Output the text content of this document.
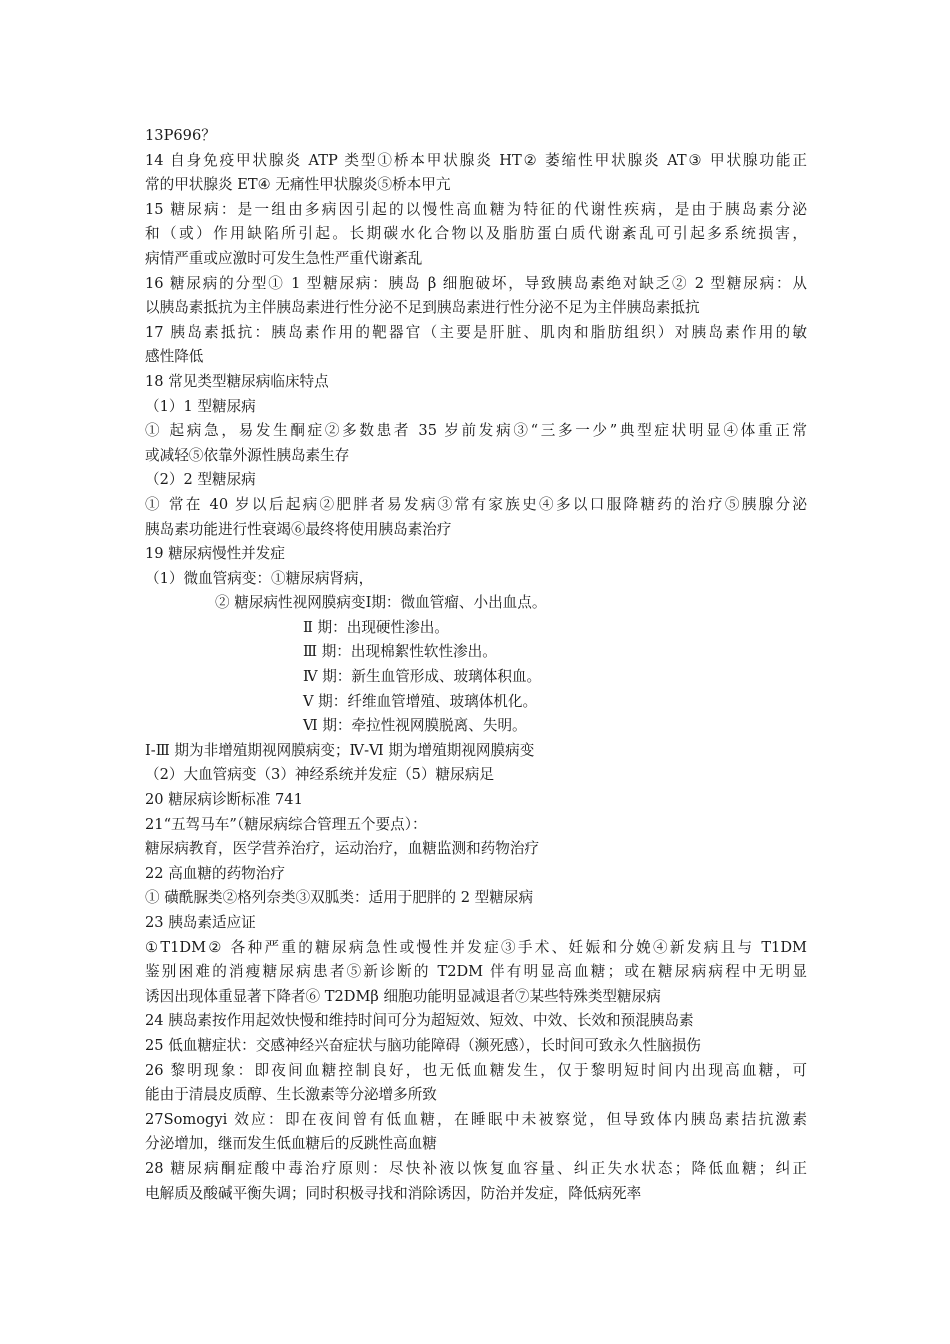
13P696？

14 自身免疫甲状腺炎 ATP 类型①桥本甲状腺炎 HT② 萎缩性甲状腺炎 AT③ 甲状腺功能正

常的甲状腺炎 ET④ 无痛性甲状腺炎⑤桥本甲亢

15 糖尿病：是一组由多病因引起的以慢性高血糖为特征的代谢性疾病，是由于胰岛素分泌

和（或）作用缺陷所引起。长期碳水化合物以及脂肪蛋白质代谢紊乱可引起多系统损害，

病情严重或应激时可发生急性严重代谢紊乱

16 糖尿病的分型① 1 型糖尿病：胰岛 β 细胞破坏，导致胰岛素绝对缺乏② 2 型糖尿病：从

以胰岛素抵抗为主伴胰岛素进行性分泌不足到胰岛素进行性分泌不足为主伴胰岛素抵抗

17 胰岛素抵抗：胰岛素作用的靶器官（主要是肝脏、肌肉和脂肪组织）对胰岛素作用的敏

感性降低

18 常见类型糖尿病临床特点

（1）1 型糖尿病

① 起病急，易发生酮症②多数患者 35 岁前发病③“三多一少”典型症状明显④体重正常

或减轻⑤依靠外源性胰岛素生存

（2）2 型糖尿病

① 常在 40 岁以后起病②肥胖者易发病③常有家族史④多以口服降糖药的治疗⑤胰腺分泌

胰岛素功能进行性衰竭⑥最终将使用胰岛素治疗

19 糖尿病慢性并发症

（1）微血管病变：①糖尿病肾病，

② 糖尿病性视网膜病变Ⅰ期：微血管瘤、小出血点。

Ⅱ 期：出现硬性渗出。

Ⅲ 期：出现棉絮性软性渗出。

Ⅳ 期：新生血管形成、玻璃体积血。

Ⅴ 期：纤维血管增殖、玻璃体机化。

Ⅵ 期：牵拉性视网膜脱离、失明。

Ⅰ-Ⅲ 期为非增殖期视网膜病变；Ⅳ-Ⅵ 期为增殖期视网膜病变

（2）大血管病变（3）神经系统并发症（5）糖尿病足

20 糖尿病诊断标准 741

21“五驾马车”（糖尿病综合管理五个要点）：

糖尿病教育，医学营养治疗，运动治疗，血糖监测和药物治疗

22 高血糖的药物治疗

① 磺酰脲类②格列奈类③双胍类：适用于肥胖的 2 型糖尿病

23 胰岛素适应证

①T1DM② 各种严重的糖尿病急性或慢性并发症③手术、妊娠和分娩④新发病且与 T1DM

鉴别困难的消瘦糖尿病患者⑤新诊断的 T2DM 伴有明显高血糖；或在糖尿病病程中无明显

诱因出现体重显著下降者⑥ T2DMβ 细胞功能明显减退者⑦某些特殊类型糖尿病

24 胰岛素按作用起效快慢和维持时间可分为超短效、短效、中效、长效和预混胰岛素

25 低血糖症状：交感神经兴奋症状与脑功能障碍（濒死感），长时间可致永久性脑损伤

26 黎明现象：即夜间血糖控制良好，也无低血糖发生，仅于黎明短时间内出现高血糖，可

能由于清晨皮质醇、生长激素等分泌增多所致

27Somogyi 效应：即在夜间曾有低血糖，在睡眠中未被察觉，但导致体内胰岛素拮抗激素

分泌增加，继而发生低血糖后的反跳性高血糖

28 糖尿病酮症酸中毒治疗原则：尽快补液以恢复血容量、纠正失水状态；降低血糖；纠正

电解质及酸碱平衡失调；同时积极寻找和消除诱因，防治并发症，降低病死率
